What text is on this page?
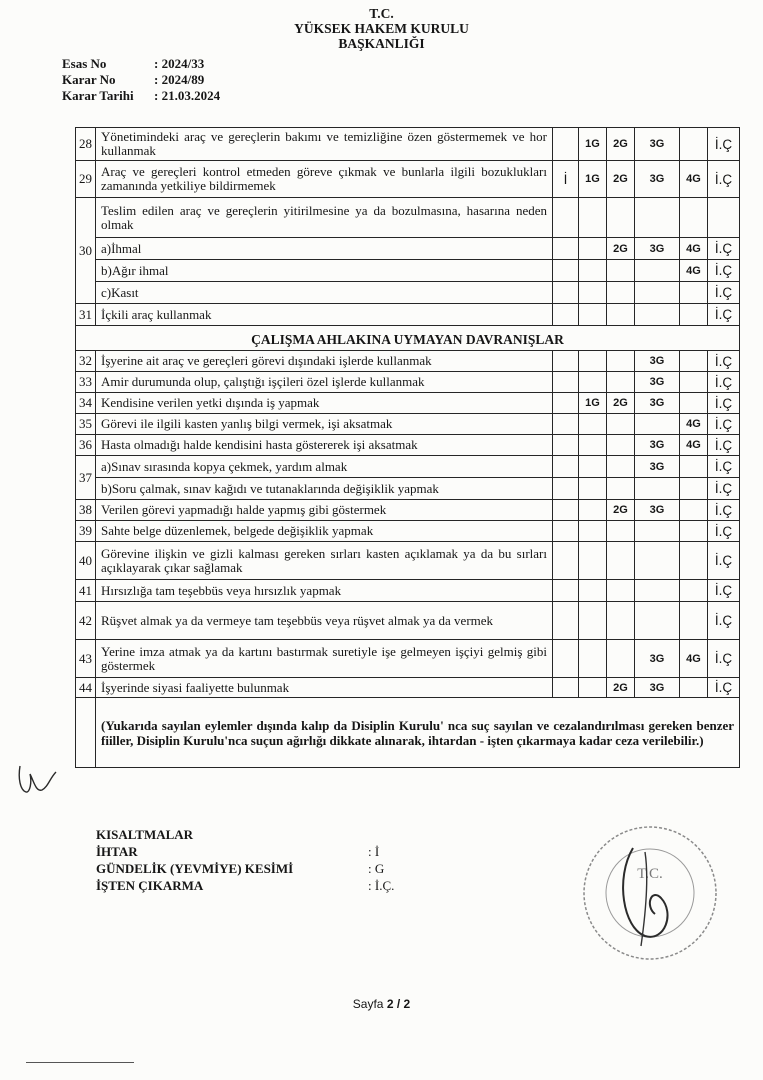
T.C.
YÜKSEK HAKEM KURULU
BAŞKANLIĞI
Esas No	: 2024/33
Karar No	: 2024/89
Karar Tarihi	: 21.03.2024
28	Yönetimindeki araç ve gereçlerin bakımı ve temizliğine özen göstermemek ve hor kullanmak		1G	2G	3G		İ.Ç
29	Araç ve gereçleri kontrol etmeden göreve çıkmak ve bunlarla ilgili bozuklukları zamanında yetkiliye bildirmemek	İ	1G	2G	3G	4G	İ.Ç
30	Teslim edilen araç ve gereçlerin yitirilmesine ya da bozulmasına, hasarına neden olmak						
	a)İhmal			2G	3G	4G	İ.Ç
	b)Ağır ihmal					4G	İ.Ç
	c)Kasıt						İ.Ç
31	İçkili araç kullanmak						İ.Ç
ÇALIŞMA AHLAKINA UYMAYAN DAVRANIŞLAR							
32	İşyerine ait araç ve gereçleri görevi dışındaki işlerde kullanmak				3G		İ.Ç
33	Amir durumunda olup, çalıştığı işçileri özel işlerde kullanmak				3G		İ.Ç
34	Kendisine verilen yetki dışında iş yapmak		1G	2G	3G		İ.Ç
35	Görevi ile ilgili kasten yanlış bilgi vermek, işi aksatmak					4G	İ.Ç
36	Hasta olmadığı halde kendisini hasta göstererek işi aksatmak				3G	4G	İ.Ç
37	a)Sınav sırasında kopya çekmek, yardım almak				3G		İ.Ç
	b)Soru çalmak, sınav kağıdı ve tutanaklarında değişiklik yapmak						İ.Ç
38	Verilen görevi yapmadığı halde yapmış gibi göstermek			2G	3G		İ.Ç
39	Sahte belge düzenlemek, belgede değişiklik yapmak						İ.Ç
40	Görevine ilişkin ve gizli kalması gereken sırları kasten açıklamak ya da bu sırları açıklayarak çıkar sağlamak						İ.Ç
41	Hırsızlığa tam teşebbüs veya hırsızlık yapmak						İ.Ç
42	Rüşvet almak ya da vermeye tam teşebbüs veya rüşvet almak ya da vermek						İ.Ç
43	Yerine imza atmak ya da kartını bastırmak suretiyle işe gelmeyen işçiyi gelmiş gibi göstermek				3G	4G	İ.Ç
44	İşyerinde siyasi faaliyette bulunmak			2G	3G		İ.Ç
	(Yukarıda sayılan eylemler dışında kalıp da Disiplin Kurulu' nca suç sayılan ve cezalandırılması gereken benzer fiiller, Disiplin Kurulu'nca suçun ağırlığı dikkate alınarak, ihtardan - işten çıkarmaya kadar ceza verilebilir.)						
KISALTMALAR
İHTAR	: İ
GÜNDELİK (YEVMİYE) KESİMİ	: G
İŞTEN ÇIKARMA	: İ.Ç.
T.C.
Sayfa 2 / 2
